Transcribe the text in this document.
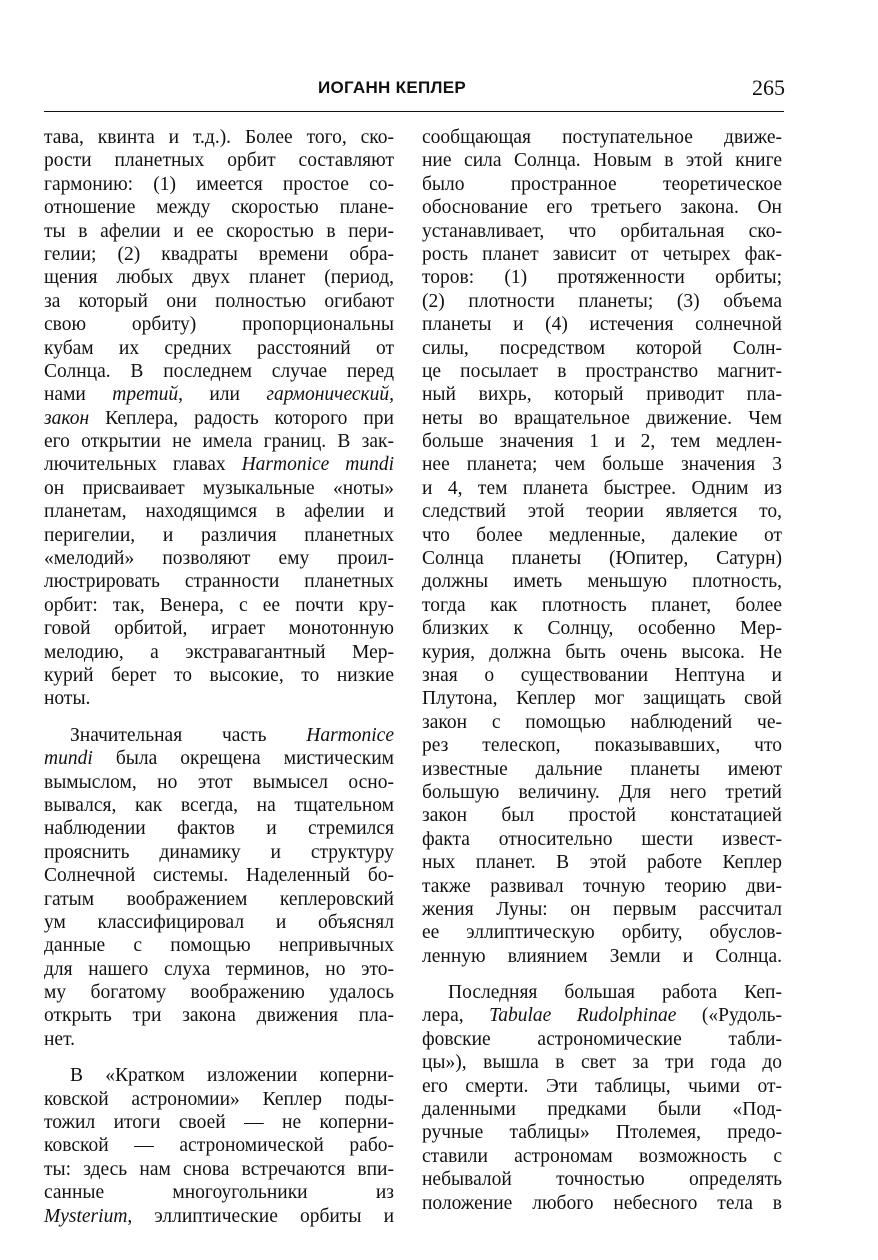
ИОГАНН КЕПЛЕР	265
тава, квинта и т.д.). Более того, ско-
рости планетных орбит составляют
гармонию: (1) имеется простое со-
отношение между скоростью плане-
ты в афелии и ее скоростью в пери-
гелии; (2) квадраты времени обра-
щения любых двух планет (период,
за который они полностью огибают
свою орбиту) пропорциональны
кубам их средних расстояний от
Солнца. В последнем случае перед
нами третий, или гармонический,
закон Кеплера, радость которого при
его открытии не имела границ. В зак-
лючительных главах Harmonice mundi
он присваивает музыкальные «ноты»
планетам, находящимся в афелии и
перигелии, и различия планетных
«мелодий» позволяют ему проил-
люстрировать странности планетных
орбит: так, Венера, с ее почти кру-
говой орбитой, играет монотонную
мелодию, а экстравагантный Мер-
курий берет то высокие, то низкие
ноты.
Значительная часть Harmonice
mundi была окрещена мистическим
вымыслом, но этот вымысел осно-
вывался, как всегда, на тщательном
наблюдении фактов и стремился
прояснить динамику и структуру
Солнечной системы. Наделенный бо-
гатым воображением кеплеровский
ум классифицировал и объяснял
данные с помощью непривычных
для нашего слуха терминов, но это-
му богатому воображению удалось
открыть три закона движения пла-
нет.
В «Кратком изложении коперни-
ковской астрономии» Кеплер поды-
тожил итоги своей — не коперни-
ковской — астрономической рабо-
ты: здесь нам снова встречаются впи-
санные многоугольники из
Mysterium, эллиптические орбиты и
сообщающая поступательное движе-
ние сила Солнца. Новым в этой книге
было пространное теоретическое
обоснование его третьего закона. Он
устанавливает, что орбитальная ско-
рость планет зависит от четырех фак-
торов: (1) протяженности орбиты;
(2) плотности планеты; (3) объема
планеты и (4) истечения солнечной
силы, посредством которой Солн-
це посылает в пространство магнит-
ный вихрь, который приводит пла-
неты во вращательное движение. Чем
больше значения 1 и 2, тем медлен-
нее планета; чем больше значения 3
и 4, тем планета быстрее. Одним из
следствий этой теории является то,
что более медленные, далекие от
Солнца планеты (Юпитер, Сатурн)
должны иметь меньшую плотность,
тогда как плотность планет, более
близких к Солнцу, особенно Мер-
курия, должна быть очень высока. Не
зная о существовании Нептуна и
Плутона, Кеплер мог защищать свой
закон с помощью наблюдений че-
рез телескоп, показывавших, что
известные дальние планеты имеют
большую величину. Для него третий
закон был простой констатацией
факта относительно шести извест-
ных планет. В этой работе Кеплер
также развивал точную теорию дви-
жения Луны: он первым рассчитал
ее эллиптическую орбиту, обуслов-
ленную влиянием Земли и Солнца.
Последняя большая работа Кеп-
лера, Tabulae Rudolphinae («Рудоль-
фовские астрономические табли-
цы»), вышла в свет за три года до
его смерти. Эти таблицы, чьими от-
даленными предками были «Под-
ручные таблицы» Птолемея, предо-
ставили астрономам возможность с
небывалой точностью определять
положение любого небесного тела в
